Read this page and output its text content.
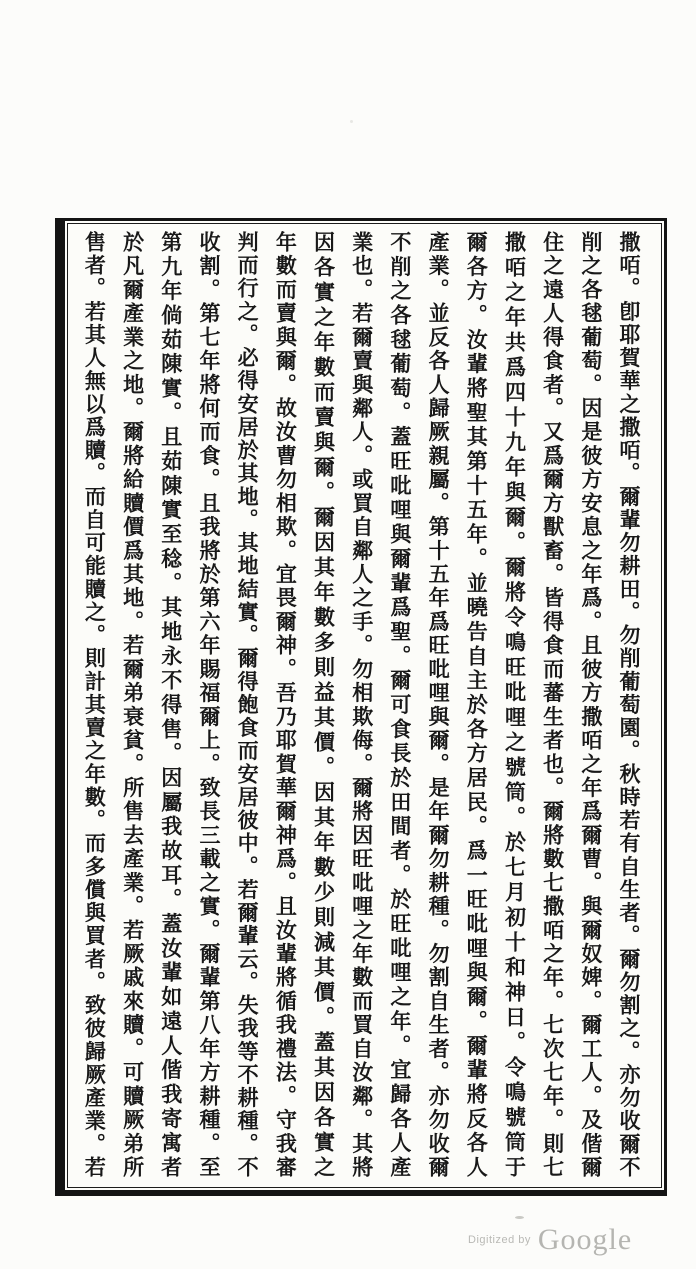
撒咟。卽耶賀華之撒咟。爾輩勿耕田。勿削葡萄園。秋時若有自生者。爾勿割之。亦勿收爾不
削之各毬葡萄。因是彼方安息之年爲。且彼方撒咟之年爲爾曹。與爾奴婢。爾工人。及偕爾
住之遠人得食者。又爲爾方獸畜。皆得食而蕃生者也。爾將數七撒咟之年。七次七年。則七
撒咟之年共爲四十九年與爾。爾將令鳴旺吡哩之號筒。於七月初十和神日。令鳴號筒于
爾各方。汝輩將聖其第十五年。並曉告自主於各方居民。爲一旺吡哩與爾。爾輩將反各人
產業。並反各人歸厥親屬。第十五年爲旺吡哩與爾。是年爾勿耕種。勿割自生者。亦勿收爾
不削之各毬葡萄。蓋旺吡哩與爾輩爲聖。爾可食長於田間者。於旺吡哩之年。宜歸各人產
業也。若爾賣與鄰人。或買自鄰人之手。勿相欺侮。爾將因旺吡哩之年數而買自汝鄰。其將
因各實之年數而賣與爾。爾因其年數多則益其價。因其年數少則減其價。蓋其因各實之
年數而賣與爾。故汝曹勿相欺。宜畏爾神。吾乃耶賀華爾神爲。且汝輩將循我禮法。守我審
判而行之。必得安居於其地。其地結實。爾得飽食而安居彼中。若爾輩云。失我等不耕種。不
收割。第七年將何而食。且我將於第六年賜福爾上。致長三載之實。爾輩第八年方耕種。至
第九年倘茹陳實。且茹陳實至稔。其地永不得售。因屬我故耳。蓋汝輩如遠人偕我寄寓者
於凡爾產業之地。爾將給贖價爲其地。若爾弟衰貧。所售去產業。若厥戚來贖。可贖厥弟所
售者。若其人無以爲贖。而自可能贖之。則計其賣之年數。而多償與買者。致彼歸厥產業。若
Digitized by Google
